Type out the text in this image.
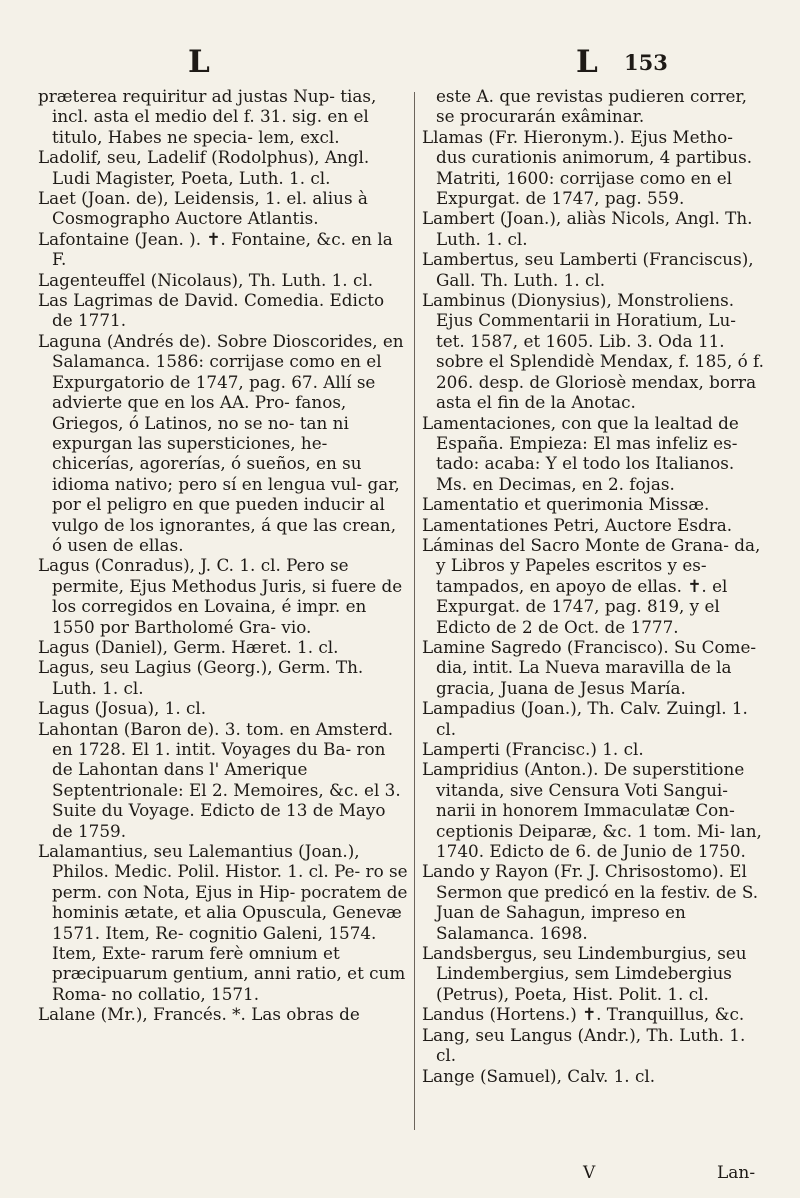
L	L 153

prӕterea requiritur ad justas Nup- tias, incl. asta el medio del f. 31. sig. en el titulo, Habes ne specia- lem, excl.

Ladolif, seu, Ladelif (Rodolphus), Angl. Ludi Magister, Poeta, Luth. 1. cl.

Laet (Joan. de), Leidensis, 1. el. alius à Cosmographo Auctore Atlantis.

Lafontaine (Jean. ). ✝. Fontaine, &c. en la F.

Lagenteuffel (Nicolaus), Th. Luth. 1. cl.

Las Lagrimas de David. Comedia. Edicto de 1771.

Laguna (Andrés de). Sobre Dioscorides, en Salamanca. 1586: corrijase como en el Expurgatorio de 1747, pag. 67. Allí se advierte que en los AA. Pro- fanos, Griegos, ó Latinos, no se no- tan ni expurgan las supersticiones, he- chicerías, agorerías, ó sueños, en su idioma nativo; pero sí en lengua vul- gar, por el peligro en que pueden inducir al vulgo de los ignorantes, á que las crean, ó usen de ellas.

Lagus (Conradus), J. C. 1. cl. Pero se permite, Ejus Methodus Juris, si fuere de los corregidos en Lovaina, é impr. en 1550 por Bartholomé Gra- vio.

Lagus (Daniel), Germ. Hæret. 1. cl.

Lagus, seu Lagius (Georg.), Germ. Th. Luth. 1. cl.

Lagus (Josua), 1. cl.

Lahontan (Baron de). 3. tom. en Amsterd. en 1728. El 1. intit. Voyages du Ba- ron de Lahontan dans l' Amerique Septentrionale: El 2. Memoires, &c. el 3. Suite du Voyage. Edicto de 13 de Mayo de 1759.

Lalamantius, seu Lalemantius (Joan.), Philos. Medic. Polil. Histor. 1. cl. Pe- ro se perm. con Nota, Ejus in Hip- pocratem de hominis ӕtate, et alia Opuscula, Genevӕ 1571. Item, Re- cognitio Galeni, 1574. Item, Exte- rarum ferè omnium et prӕcipuarum gentium, anni ratio, et cum Roma- no collatio, 1571.

Lalane (Mr.), Francés. *. Las obras de

este A. que revistas pudieren correr, se procurarán exâminar.

Llamas (Fr. Hieronym.). Ejus Metho- dus curationis animorum, 4 partibus. Matriti, 1600: corrijase como en el Expurgat. de 1747, pag. 559.

Lambert (Joan.), aliàs Nicols, Angl. Th. Luth. 1. cl.

Lambertus, seu Lamberti (Franciscus), Gall. Th. Luth. 1. cl.

Lambinus (Dionysius), Monstroliens. Ejus Commentarii in Horatium, Lu- tet. 1587, et 1605. Lib. 3. Oda 11. sobre el Splendidè Mendax, f. 185, ó f. 206. desp. de Gloriosè mendax, borra asta el fin de la Anotac.

Lamentaciones, con que la lealtad de España. Empieza: El mas infeliz es- tado: acaba: Y el todo los Italianos. Ms. en Decimas, en 2. fojas.

Lamentatio et querimonia Missӕ.

Lamentationes Petri, Auctore Esdra.

Láminas del Sacro Monte de Grana- da, y Libros y Papeles escritos y es- tampados, en apoyo de ellas. ✝. el Expurgat. de 1747, pag. 819, y el Edicto de 2 de Oct. de 1777.

Lamine Sagredo (Francisco). Su Come- dia, intit. La Nueva maravilla de la gracia, Juana de Jesus María.

Lampadius (Joan.), Th. Calv. Zuingl. 1. cl.

Lamperti (Francisc.) 1. cl.

Lampridius (Anton.). De superstitione vitanda, sive Censura Voti Sangui- narii in honorem Immaculatӕ Con- ceptionis Deiparӕ, &c. 1 tom. Mi- lan, 1740. Edicto de 6. de Junio de 1750.

Lando y Rayon (Fr. J. Chrisostomo). El Sermon que predicó en la festiv. de S. Juan de Sahagun, impreso en Salamanca. 1698.

Landsbergus, seu Lindemburgius, seu Lindembergius, sem Limdebergius (Petrus), Poeta, Hist. Polit. 1. cl.

Landus (Hortens.) ✝. Tranquillus, &c.

Lang, seu Langus (Andr.), Th. Luth. 1. cl.

Lange (Samuel), Calv. 1. cl.

V	Lan-
